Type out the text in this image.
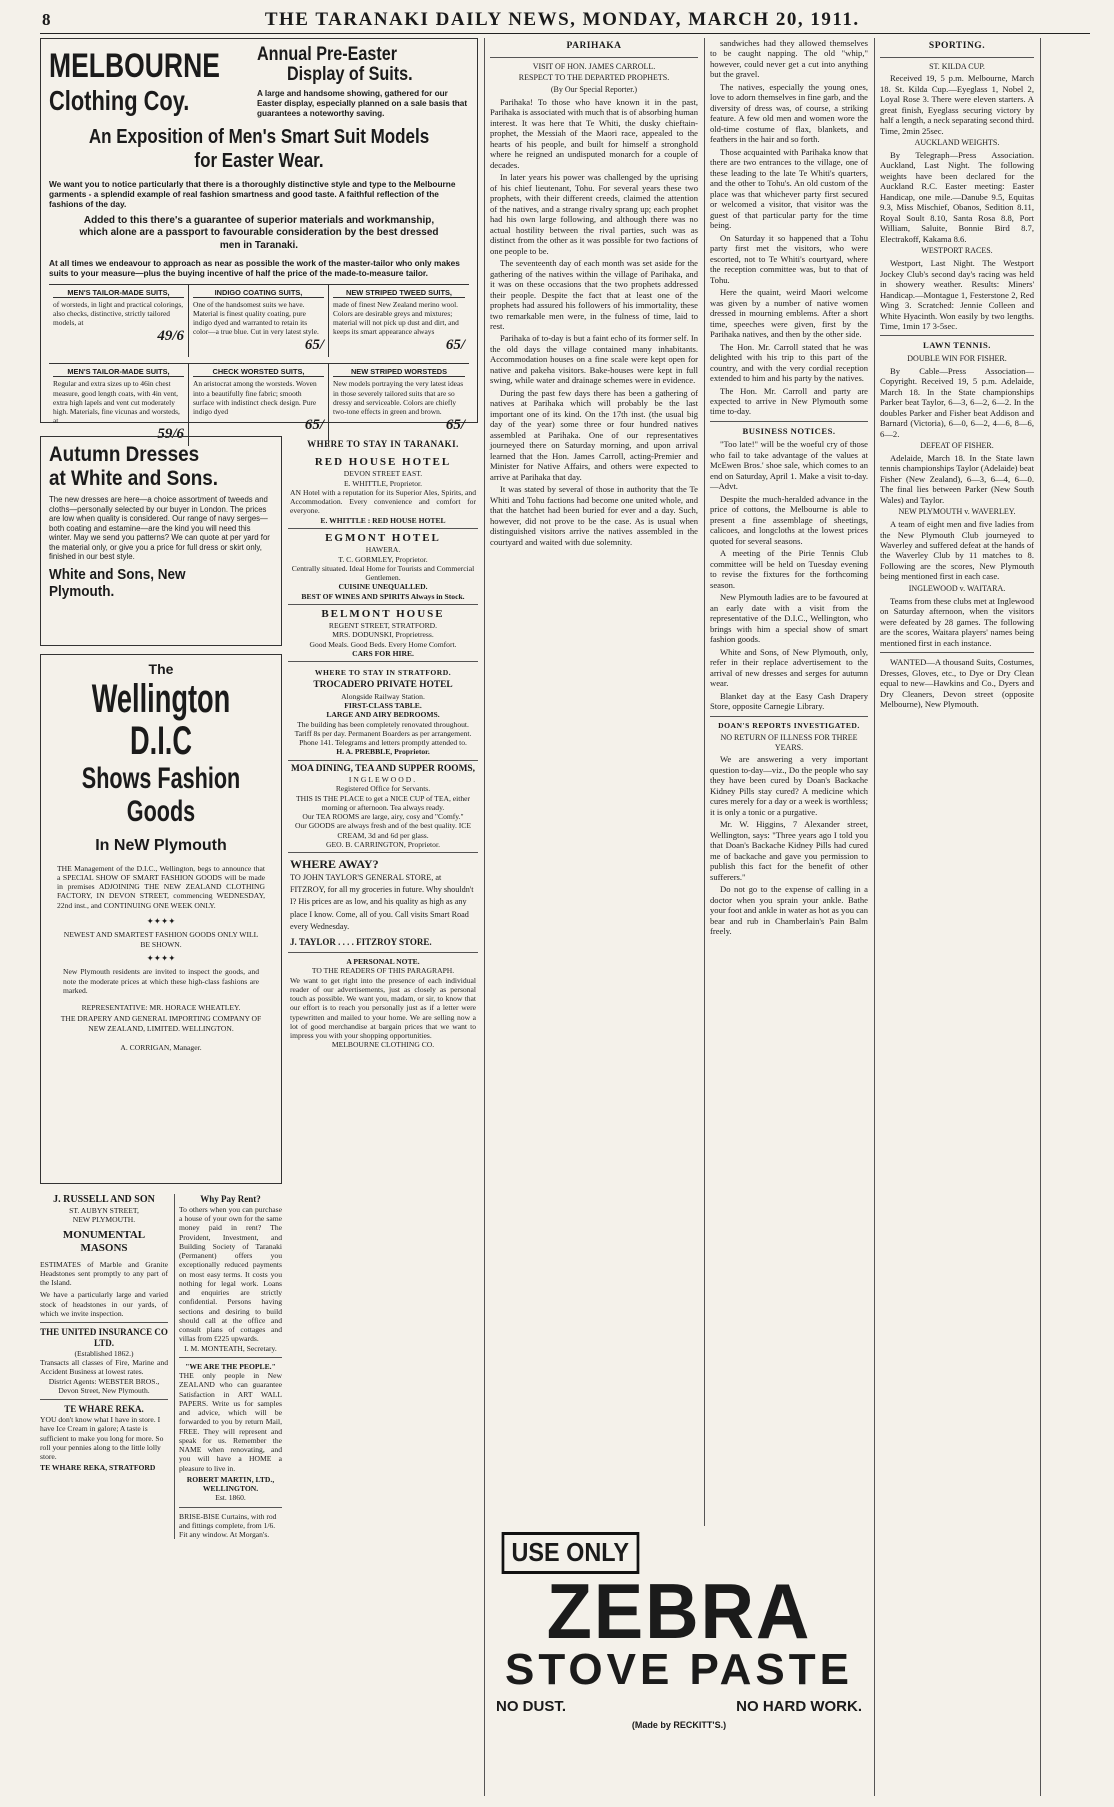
8	THE TARANAKI DAILY NEWS, MONDAY, MARCH 20, 1911.
MELBOURNE
Clothing Coy.
Annual Pre-Easter
Display of Suits.
A large and handsome showing, gathered for our Easter display, especially planned on a sale basis that guarantees a noteworthy saving.
An Exposition of Men's Smart Suit Models for Easter Wear.
We want you to notice particularly that there is a thoroughly distinctive style and type to the Melbourne garments - a splendid example of real fashion smartness and good taste. A faithful reflection of the fashions of the day.
Added to this there's a guarantee of superior materials and workmanship, which alone are a passport to favourable consideration by the best dressed men in Taranaki.
At all times we endeavour to approach as near as possible the work of the master-tailor who only makes suits to your measure—plus the buying incentive of half the price of the made-to-measure tailor.
MEN'S TAILOR-MADE SUITS,
of worsteds, in light and practical colorings, also checks, distinctive, strictly tailored models, at
49/6
INDIGO COATING SUITS,
One of the handsomest suits we have. Material is finest quality coating, pure indigo dyed and warranted to retain its color—a true blue. Cut in very latest style.
65/
NEW STRIPED TWEED SUITS,
made of finest New Zealand merino wool. Colors are desirable greys and mixtures; material will not pick up dust and dirt, and keeps its smart appearance always
65/
MEN'S TAILOR-MADE SUITS,
Regular and extra sizes up to 46in chest measure, good length coats, with 4in vent, extra high lapels and vent cut moderately high. Materials, fine vicunas and worsteds, at
59/6
CHECK WORSTED SUITS,
An aristocrat among the worsteds. Woven into a beautifully fine fabric; smooth surface with indistinct check design. Pure indigo dyed
65/
NEW STRIPED WORSTEDS
New models portraying the very latest ideas in those severely tailored suits that are so dressy and serviceable. Colors are chiefly two-tone effects in green and brown.
65/
Autumn Dresses
at White and Sons.
The new dresses are here—a choice assortment of tweeds and cloths—personally selected by our buyer in London. The prices are low when quality is considered. Our range of navy serges—both coating and estamine—are the kind you will need this winter. May we send you patterns? We can quote at per yard for the material only, or give you a price for full dress or skirt only, finished in our best style.
White and Sons, New Plymouth.
The
Wellington D.I.C
Shows Fashion Goods
In NeW Plymouth
THE Management of the D.I.C., Wellington, begs to announce that a SPECIAL SHOW OF SMART FASHION GOODS will be made in premises ADJOINING THE NEW ZEALAND CLOTHING FACTORY, IN DEVON STREET, commencing WEDNESDAY, 22nd inst., and CONTINUING ONE WEEK ONLY.
✦✦✦✦
NEWEST AND SMARTEST FASHION GOODS ONLY WILL BE SHOWN.
✦✦✦✦
New Plymouth residents are invited to inspect the goods, and note the moderate prices at which these high-class fashions are marked.
REPRESENTATIVE: MR. HORACE WHEATLEY.
THE DRAPERY AND GENERAL IMPORTING COMPANY OF NEW ZEALAND, LIMITED. WELLINGTON.
A. CORRIGAN, Manager.
J. RUSSELL AND SON
ST. AUBYN STREET,
NEW PLYMOUTH.
MONUMENTAL MASONS
ESTIMATES of Marble and Granite Headstones sent promptly to any part of the Island.
We have a particularly large and varied stock of headstones in our yards, of which we invite inspection.
THE UNITED INSURANCE CO LTD.
(Established 1862.)
Transacts all classes of Fire, Marine and Accident Business at lowest rates.
District Agents: WEBSTER BROS., Devon Street, New Plymouth.
TE WHARE REKA.
YOU don't know what I have in store. I have Ice Cream in galore; A taste is sufficient to make you long for more. So roll your pennies along to the little lolly store.
TE WHARE REKA, STRATFORD
Why Pay Rent?
To others when you can purchase a house of your own for the same money paid in rent? The Provident, Investment, and Building Society of Taranaki (Permanent) offers you exceptionally reduced payments on most easy terms. It costs you nothing for legal work. Loans and enquiries are strictly confidential. Persons having sections and desiring to build should call at the office and consult plans of cottages and villas from £225 upwards.
I. M. MONTEATH, Secretary.
"WE ARE THE PEOPLE."
THE only people in New ZEALAND who can guarantee Satisfaction in ART WALL PAPERS. Write us for samples and advice, which will be forwarded to you by return Mail, FREE. They will represent and speak for us. Remember the NAME when renovating, and you will have a HOME a pleasure to live in.
ROBERT MARTIN, LTD., WELLINGTON.
Est. 1860.
BRISE-BISE Curtains, with rod and fittings complete, from 1/6. Fit any window. At Morgan's.
WHERE TO STAY IN TARANAKI.
RED HOUSE HOTEL
DEVON STREET EAST.
E. WHITTLE, Proprietor.
AN Hotel with a reputation for its Superior Ales, Spirits, and Accommodation. Every convenience and comfort for everyone.
E. WHITTLE : RED HOUSE HOTEL
EGMONT HOTEL
HAWERA.
T. C. GORMLEY, Proprietor.
Centrally situated. Ideal Home for Tourists and Commercial Gentlemen.
CUISINE UNEQUALLED.
BEST OF WINES AND SPIRITS Always in Stock.
BELMONT HOUSE
REGENT STREET, STRATFORD.
MRS. DODUNSKI, Proprietress.
Good Meals. Good Beds. Every Home Comfort.
CARS FOR HIRE.
WHERE TO STAY IN STRATFORD.
TROCADERO PRIVATE HOTEL
Alongside Railway Station.
FIRST-CLASS TABLE.
LARGE AND AIRY BEDROOMS.
The building has been completely renovated throughout.
Tariff 8s per day. Permanent Boarders as per arrangement.
Phone 141. Telegrams and letters promptly attended to.
H. A. PREBBLE, Proprietor.
MOA DINING, TEA AND SUPPER ROOMS,
INGLEWOOD.
Registered Office for Servants.
THIS IS THE PLACE to get a NICE CUP of TEA, either morning or afternoon. Tea always ready.
Our TEA ROOMS are large, airy, cosy and "Comfy."
Our GOODS are always fresh and of the best quality. ICE CREAM, 3d and 6d per glass.
GEO. B. CARRINGTON, Proprietor.
WHERE AWAY?
TO JOHN TAYLOR'S GENERAL STORE, at FITZROY, for all my groceries in future. Why shouldn't I? His prices are as low, and his quality as high as any place I know. Come, all of you. Call visits Smart Road every Wednesday.
J. TAYLOR . . . . FITZROY STORE.
A PERSONAL NOTE.
TO THE READERS OF THIS PARAGRAPH.
We want to get right into the presence of each individual reader of our advertisements, just as closely as personal touch as possible. We want you, madam, or sir, to know that our effort is to reach you personally just as if a letter were typewritten and mailed to your home. We are selling now a lot of good merchandise at bargain prices that we want to impress you with your shopping opportunities.
MELBOURNE CLOTHING CO.
PARIHAKA
VISIT OF HON. JAMES CARROLL.
RESPECT TO THE DEPARTED PROPHETS.
(By Our Special Reporter.)

Parihaka! To those who have known it in the past, Parihaka is associated with much that is of absorbing human interest. It was here that Te Whiti, the dusky chieftain-prophet, the Messiah of the Maori race, appealed to the hearts of his people, and built for himself a stronghold where he reigned an undisputed monarch for a couple of decades.

In later years his power was challenged by the uprising of his chief lieutenant, Tohu. For several years these two prophets, with their different creeds, claimed the attention of the natives, and a strange rivalry sprang up; each prophet had his own large following, and although there was no actual hostility between the rival parties, such was as distinct from the other as it was possible for two factions of one people to be.

The seventeenth day of each month was set aside for the gathering of the natives within the village of Parihaka, and it was on these occasions that the two prophets addressed their people. Despite the fact that at least one of the prophets had assured his followers of his immortality, these two remarkable men were, in the fulness of time, laid to rest.

Parihaka of to-day is but a faint echo of its former self. In the old days the village contained many inhabitants. Accommodation houses on a fine scale were kept open for native and pakeha visitors. Bake-houses were kept in full swing, while water and drainage schemes were in evidence.

During the past few days there has been a gathering of natives at Parihaka which will probably be the last important one of its kind. On the 17th inst. (the usual big day of the year) some three or four hundred natives assembled at Parihaka. One of our representatives journeyed there on Saturday morning, and upon arrival learned that the Hon. James Carroll, acting-Premier and Minister for Native Affairs, and others were expected to arrive at Parihaka that day.

It was stated by several of those in authority that the Te Whiti and Tohu factions had become one united whole, and that the hatchet had been buried for ever and a day. Such, however, did not prove to be the case. As is usual when distinguished visitors arrive the natives assembled in the courtyard and waited with due solemnity.

sandwiches had they allowed themselves to be caught napping. The old "whip," however, could never get a cut into anything but the gravel.

The natives, especially the young ones, love to adorn themselves in fine garb, and the diversity of dress was, of course, a striking feature. A few old men and women wore the old-time costume of flax, blankets, and feathers in the hair and so forth.

Those acquainted with Parihaka know that there are two entrances to the village, one of these leading to the late Te Whiti's quarters, and the other to Tohu's. An old custom of the place was that whichever party first secured or welcomed a visitor, that visitor was the guest of that particular party for the time being.

On Saturday it so happened that a Tohu party first met the visitors, who were escorted, not to Te Whiti's courtyard, where the reception committee was, but to that of Tohu.

Here the quaint, weird Maori welcome was given by a number of native women dressed in mourning emblems. After a short time, speeches were given, first by the Parihaka natives, and then by the other side.

The Hon. Mr. Carroll stated that he was delighted with his trip to this part of the country, and with the very cordial reception extended to him and his party by the natives.

The Hon. Mr. Carroll and party are expected to arrive in New Plymouth some time to-day.

BUSINESS NOTICES.

"Too late!" will be the woeful cry of those who fail to take advantage of the values at McEwen Bros.' shoe sale, which comes to an end on Saturday, April 1. Make a visit to-day.—Advt.

Despite the much-heralded advance in the price of cottons, the Melbourne is able to present a fine assemblage of sheetings, calicoes, and longcloths at the lowest prices quoted for several seasons.

A meeting of the Pirie Tennis Club committee will be held on Tuesday evening to revise the fixtures for the forthcoming season.

New Plymouth ladies are to be favoured at an early date with a visit from the representative of the D.I.C., Wellington, who brings with him a special show of smart fashion goods.

White and Sons, of New Plymouth, only, refer in their replace advertisement to the arrival of new dresses and serges for autumn wear.

Blanket day at the Easy Cash Drapery Store, opposite Carnegie Library.

DOAN'S REPORTS INVESTIGATED.
NO RETURN OF ILLNESS FOR THREE YEARS.

We are answering a very important question to-day—viz., Do the people who say they have been cured by Doan's Backache Kidney Pills stay cured? A medicine which cures merely for a day or a week is worthless; it is only a tonic or a purgative.

Mr. W. Higgins, 7 Alexander street, Wellington, says: "Three years ago I told you that Doan's Backache Kidney Pills had cured me of backache and gave you permission to publish this fact for the benefit of other sufferers."

Do not go to the expense of calling in a doctor when you sprain your ankle. Bathe your foot and ankle in water as hot as you can bear and rub in Chamberlain's Pain Balm freely.

USE ONLY
ZEBRA
STOVE PASTE
NO DUST.	NO HARD WORK.
(Made by RECKITT'S.)
SPORTING.
ST. KILDA CUP.

Received 19, 5 p.m. Melbourne, March 18. St. Kilda Cup.—Eyeglass 1, Nobel 2, Loyal Rose 3. There were eleven starters. A great finish, Eyeglass securing victory by half a length, a neck separating second third. Time, 2min 25sec.

AUCKLAND WEIGHTS.

By Telegraph—Press Association. Auckland, Last Night. The following weights have been declared for the Auckland R.C. Easter meeting: Easter Handicap, one mile.—Danube 9.5, Equitas 9.3, Miss Mischief, Obanos, Sedition 8.11, Royal Soult 8.10, Santa Rosa 8.8, Port William, Saluite, Bonnie Bird 8.7, Electrakoff, Kakama 8.6.

WESTPORT RACES.

Westport, Last Night. The Westport Jockey Club's second day's racing was held in showery weather. Results: Miners' Handicap.—Montague 1, Festerstone 2, Red Wing 3. Scratched: Jennie Colleen and White Hyacinth. Won easily by two lengths. Time, 1min 17 3-5sec.

LAWN TENNIS.
DOUBLE WIN FOR FISHER.

By Cable—Press Association—Copyright. Received 19, 5 p.m. Adelaide, March 18. In the State championships Parker beat Taylor, 6—3, 6—2, 6—2. In the doubles Parker and Fisher beat Addison and Barnard (Victoria), 6—0, 6—2, 4—6, 8—6, 6—2.

DEFEAT OF FISHER.

Adelaide, March 18. In the State lawn tennis championships Taylor (Adelaide) beat Fisher (New Zealand), 6—3, 6—4, 6—0. The final lies between Parker (New South Wales) and Taylor.

NEW PLYMOUTH v. WAVERLEY.

A team of eight men and five ladies from the New Plymouth Club journeyed to Waverley and suffered defeat at the hands of the Waverley Club by 11 matches to 8. Following are the scores, New Plymouth being mentioned first in each case.

INGLEWOOD v. WAITARA.

Teams from these clubs met at Inglewood on Saturday afternoon, when the visitors were defeated by 28 games. The following are the scores, Waitara players' names being mentioned first in each instance.

WANTED—A thousand Suits, Costumes, Dresses, Gloves, etc., to Dye or Dry Clean equal to new—Hawkins and Co., Dyers and Dry Cleaners, Devon street (opposite Melbourne), New Plymouth.
